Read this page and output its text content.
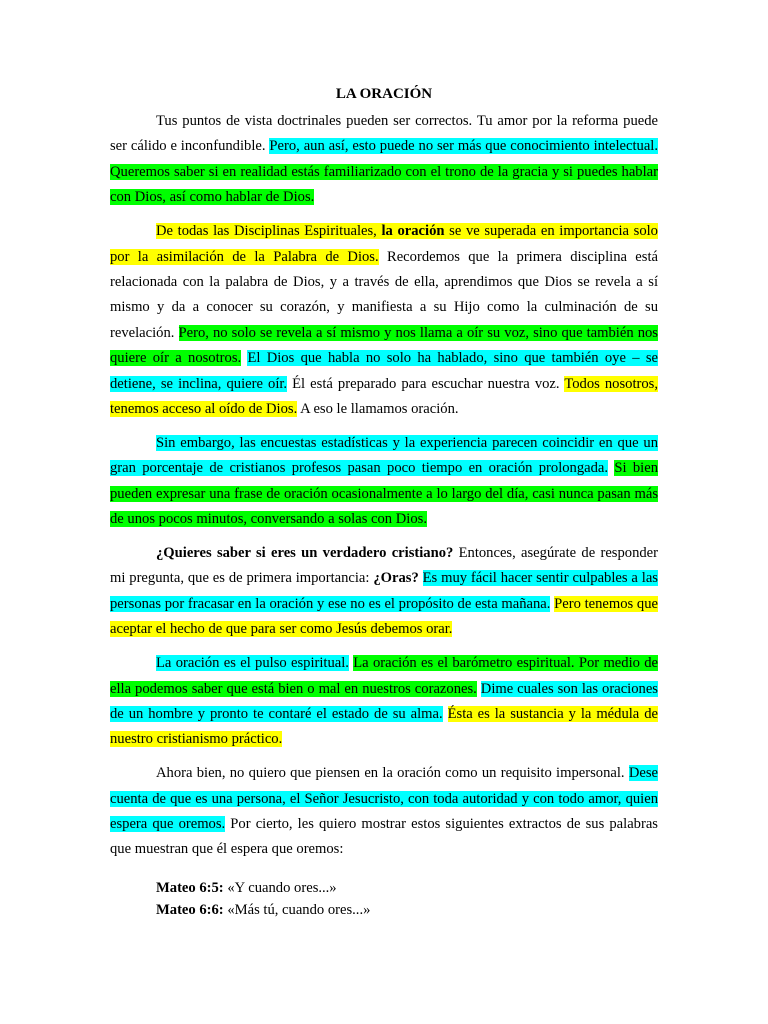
LA ORACIÓN

Tus puntos de vista doctrinales pueden ser correctos. Tu amor por la reforma puede ser cálido e inconfundible. Pero, aun así, esto puede no ser más que conocimiento intelectual. Queremos saber si en realidad estás familiarizado con el trono de la gracia y si puedes hablar con Dios, así como hablar de Dios.

De todas las Disciplinas Espirituales, la oración se ve superada en importancia solo por la asimilación de la Palabra de Dios. Recordemos que la primera disciplina está relacionada con la palabra de Dios, y a través de ella, aprendimos que Dios se revela a sí mismo y da a conocer su corazón, y manifiesta a su Hijo como la culminación de su revelación. Pero, no solo se revela a sí mismo y nos llama a oír su voz, sino que también nos quiere oír a nosotros. El Dios que habla no solo ha hablado, sino que también oye – se detiene, se inclina, quiere oír. Él está preparado para escuchar nuestra voz. Todos nosotros, tenemos acceso al oído de Dios. A eso le llamamos oración.

Sin embargo, las encuestas estadísticas y la experiencia parecen coincidir en que un gran porcentaje de cristianos profesos pasan poco tiempo en oración prolongada. Si bien pueden expresar una frase de oración ocasionalmente a lo largo del día, casi nunca pasan más de unos pocos minutos, conversando a solas con Dios.

¿Quieres saber si eres un verdadero cristiano? Entonces, asegúrate de responder mi pregunta, que es de primera importancia: ¿Oras? Es muy fácil hacer sentir culpables a las personas por fracasar en la oración y ese no es el propósito de esta mañana. Pero tenemos que aceptar el hecho de que para ser como Jesús debemos orar.

La oración es el pulso espiritual. La oración es el barómetro espiritual. Por medio de ella podemos saber que está bien o mal en nuestros corazones. Dime cuales son las oraciones de un hombre y pronto te contaré el estado de su alma. Ésta es la sustancia y la médula de nuestro cristianismo práctico.

Ahora bien, no quiero que piensen en la oración como un requisito impersonal. Dese cuenta de que es una persona, el Señor Jesucristo, con toda autoridad y con todo amor, quien espera que oremos. Por cierto, les quiero mostrar estos siguientes extractos de sus palabras que muestran que él espera que oremos:

Mateo 6:5: «Y cuando ores...»
Mateo 6:6: «Más tú, cuando ores...»
